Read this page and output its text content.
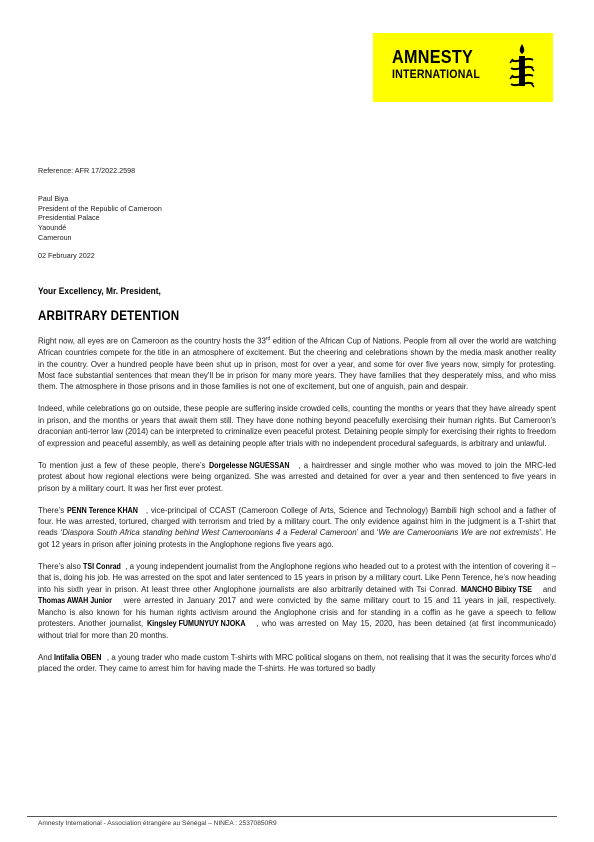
AMNESTY
INTERNATIONAL
Reference: AFR 17/2022.2598
Paul Biya
President of the Republic of Cameroon
Presidential Palace
Yaoundé
Cameroun
02 February 2022
Your Excellency, Mr. President,
ARBITRARY DETENTION

Right now, all eyes are on Cameroon as the country hosts the 33rd edition of the African Cup of Nations. People from all over the world are watching African countries compete for the title in an atmosphere of excitement. But the cheering and celebrations shown by the media mask another reality in the country. Over a hundred people have been shut up in prison, most for over a year, and some for over five years now, simply for protesting. Most face substantial sentences that mean they’ll be in prison for many more years. They have families that they desperately miss, and who miss them. The atmosphere in those prisons and in those families is not one of excitement, but one of anguish, pain and despair.

Indeed, while celebrations go on outside, these people are suffering inside crowded cells, counting the months or years that they have already spent in prison, and the months or years that await them still. They have done nothing beyond peacefully exercising their human rights. But Cameroon’s draconian anti-terror law (2014) can be interpreted to criminalize even peaceful protest. Detaining people simply for exercising their rights to freedom of expression and peaceful assembly, as well as detaining people after trials with no independent procedural safeguards, is arbitrary and unlawful.

To mention just a few of these people, there’s Dorgelesse NGUESSAN , a hairdresser and single mother who was moved to join the MRC-led protest about how regional elections were being organized. She was arrested and detained for over a year and then sentenced to five years in prison by a military court. It was her first ever protest.

There’s PENN Terence KHAN , vice-principal of CCAST (Cameroon College of Arts, Science and Technology) Bambili high school and a father of four. He was arrested, tortured, charged with terrorism and tried by a military court. The only evidence against him in the judgment is a T-shirt that reads ‘Diaspora South Africa standing behind West Cameroonians 4 a Federal Cameroon’ and ‘We are Cameroonians We are not extremists’. He got 12 years in prison after joining protests in the Anglophone regions five years ago.

There’s also TSI Conrad , a young independent journalist from the Anglophone regions who headed out to a protest with the intention of covering it – that is, doing his job. He was arrested on the spot and later sentenced to 15 years in prison by a military court. Like Penn Terence, he’s now heading into his sixth year in prison. At least three other Anglophone journalists are also arbitrarily detained with Tsi Conrad. MANCHO Bibixy TSE and Thomas AWAH Junior were arrested in January 2017 and were convicted by the same military court to 15 and 11 years in jail, respectively. Mancho is also known for his human rights activism around the Anglophone crisis and for standing in a coffin as he gave a speech to fellow protesters. Another journalist, Kingsley FUMUNYUY NJOKA , who was arrested on May 15, 2020, has been detained (at first incommunicado) without trial for more than 20 months.

And Intifalia OBEN , a young trader who made custom T-shirts with MRC political slogans on them, not realising that it was the security forces who’d placed the order. They came to arrest him for having made the T-shirts. He was tortured so badly

Amnesty International - Association étrangère au Sénégal – NINEA : 25370850R9
